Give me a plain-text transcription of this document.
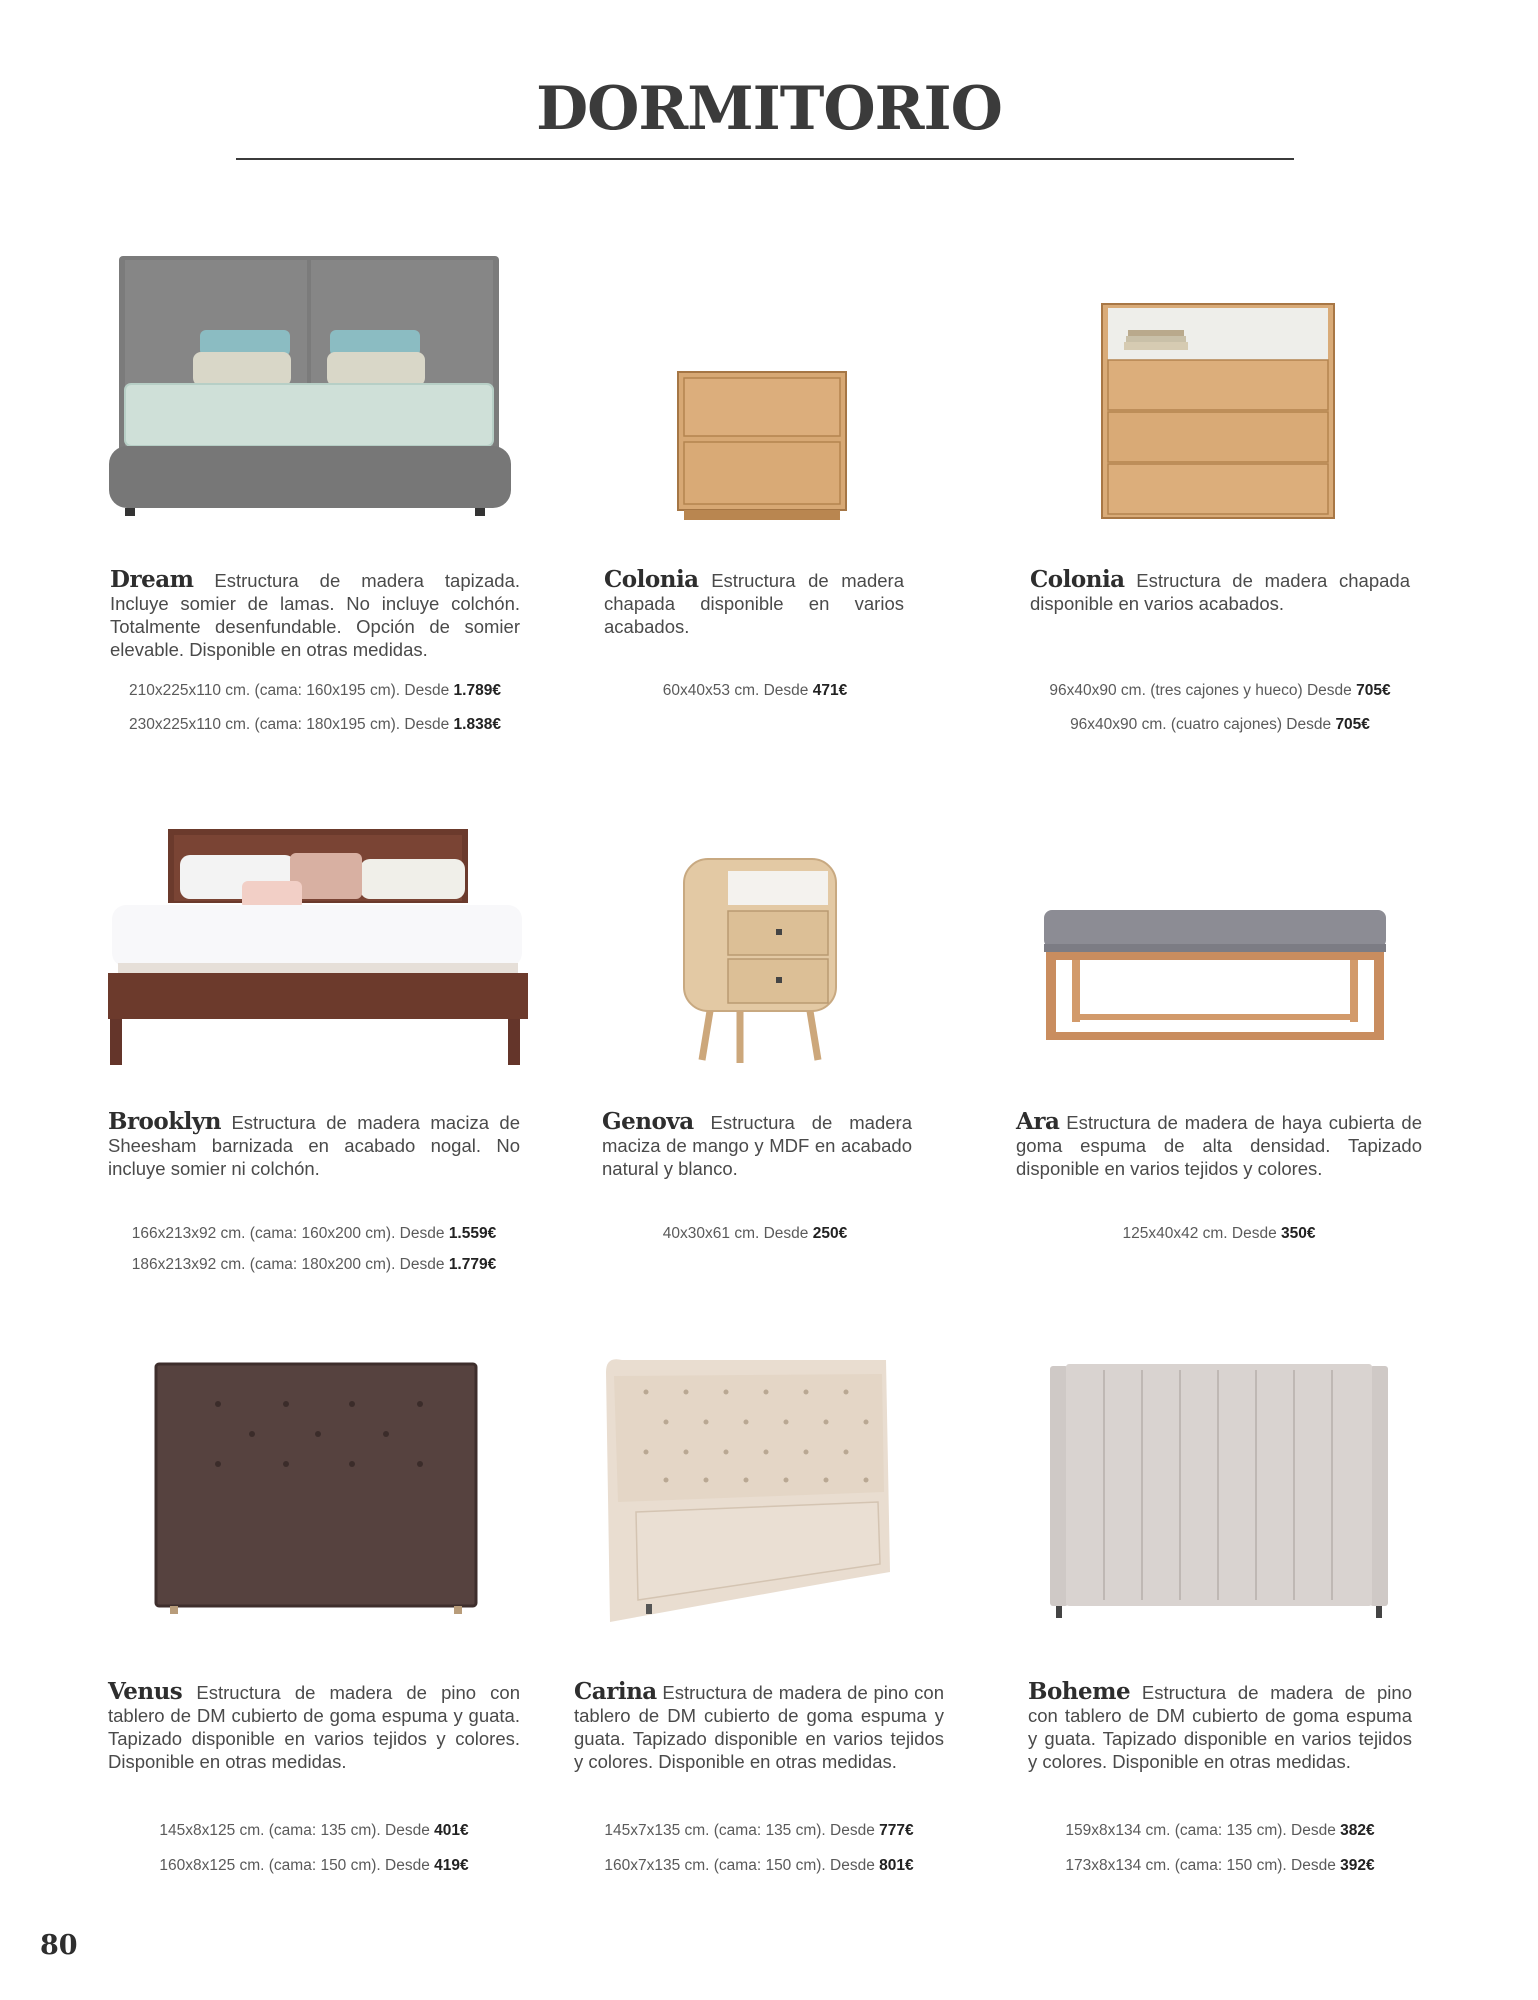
DORMITORIO
Dream Estructura de madera tapizada. Incluye somier de lamas. No incluye colchón. Totalmente desenfundable. Opción de somier elevable. Disponible en otras medidas.
210x225x110 cm. (cama: 160x195 cm). Desde 1.789€
230x225x110 cm. (cama: 180x195 cm). Desde 1.838€
Colonia Estructura de madera chapada disponible en varios acabados.
60x40x53 cm. Desde 471€
Colonia Estructura de madera chapada disponible en varios acabados.
96x40x90 cm. (tres cajones y hueco) Desde 705€
96x40x90 cm. (cuatro cajones) Desde 705€
Brooklyn Estructura de madera maciza de Sheesham barnizada en acabado nogal. No incluye somier ni colchón.
166x213x92 cm. (cama: 160x200 cm). Desde 1.559€
186x213x92 cm. (cama: 180x200 cm). Desde 1.779€
Genova Estructura de madera maciza de mango y MDF en acabado natural y blanco.
40x30x61 cm. Desde 250€
Ara Estructura de madera de haya cubierta de goma espuma de alta densidad. Tapizado disponible en varios tejidos y colores.
125x40x42 cm. Desde 350€
Venus Estructura de madera de pino con tablero de DM cubierto de goma espuma y guata. Tapizado disponible en varios tejidos y colores. Disponible en otras medidas.
145x8x125 cm. (cama: 135 cm). Desde 401€
160x8x125 cm. (cama: 150 cm). Desde 419€
Carina Estructura de madera de pino con tablero de DM cubierto de goma espuma y guata. Tapizado disponible en varios tejidos y colores. Disponible en otras medidas.
145x7x135 cm. (cama: 135 cm). Desde 777€
160x7x135 cm. (cama: 150 cm). Desde 801€
Boheme Estructura de madera de pino con tablero de DM cubierto de goma espuma y guata. Tapizado disponible en varios tejidos y colores. Disponible en otras medidas.
159x8x134 cm. (cama: 135 cm). Desde 382€
173x8x134 cm. (cama: 150 cm). Desde 392€
80
